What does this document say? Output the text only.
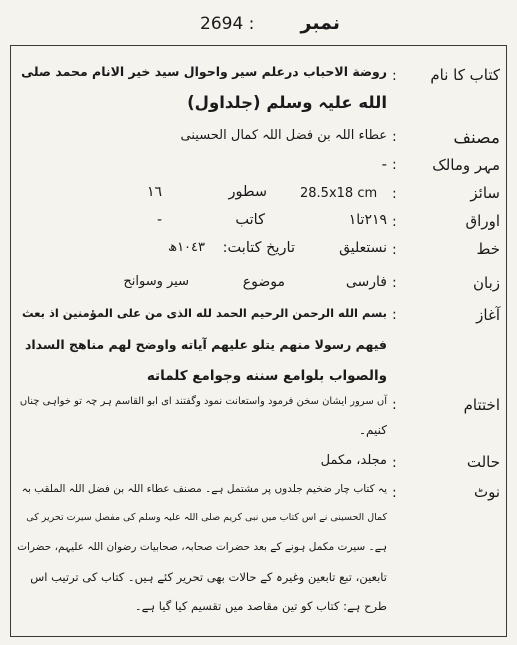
2694 : نمبر
کتاب کا نام
مصنف
مہر ومالک
سائز
اوراق
خط
زبان
آغاز
اختتام
حالت
نوٹ
:
:
:
:
:
:
:
:
:
:
:
روضة الاحباب درعلم سیر واحوال سید خیر الانام محمد صلی
الله علیہ وسلم (جلداول)
عطاء اللہ بن فضل اللہ کمال الحسینی
-
28.5x18 cm
سطور
١٦
٢١٩تا١
کاتب
-
نستعلیق
تاریخ کتابت:
١٠٤٣ھ
فارسی
موضوع
سیر وسوانح
بسم الله الرحمن الرحیم الحمد لله الذی من علی المؤمنین اذ بعث
فیهم رسولا منهم یتلو علیهم آیاته واوضح لهم مناهج السداد
والصواب بلوامع سننه وجوامع کلماته
آں سرور ایشان سخن فرمود واستعانت نمود وگفتند ای ابو القاسم ہر چہ تو خواہی چناں
کنیم۔
مجلد، مکمل
یہ کتاب چار ضخیم جلدوں پر مشتمل ہے۔ مصنف عطاء اللہ بن فضل اللہ الملقب بہ
کمال الحسینی نے اس کتاب میں نبی کریم صلی اللہ علیہ وسلم کی مفصل سیرت تحریر کی
ہے۔ سیرت مکمل ہونے کے بعد حضرات صحابہ، صحابیات رضوان اللہ علیہم، حضرات
تابعین، تبع تابعین وغیرہ کے حالات بھی تحریر کئے ہیں۔ کتاب کی ترتیب اس
طرح ہے: کتاب کو تین مقاصد میں تقسیم کیا گیا ہے۔
